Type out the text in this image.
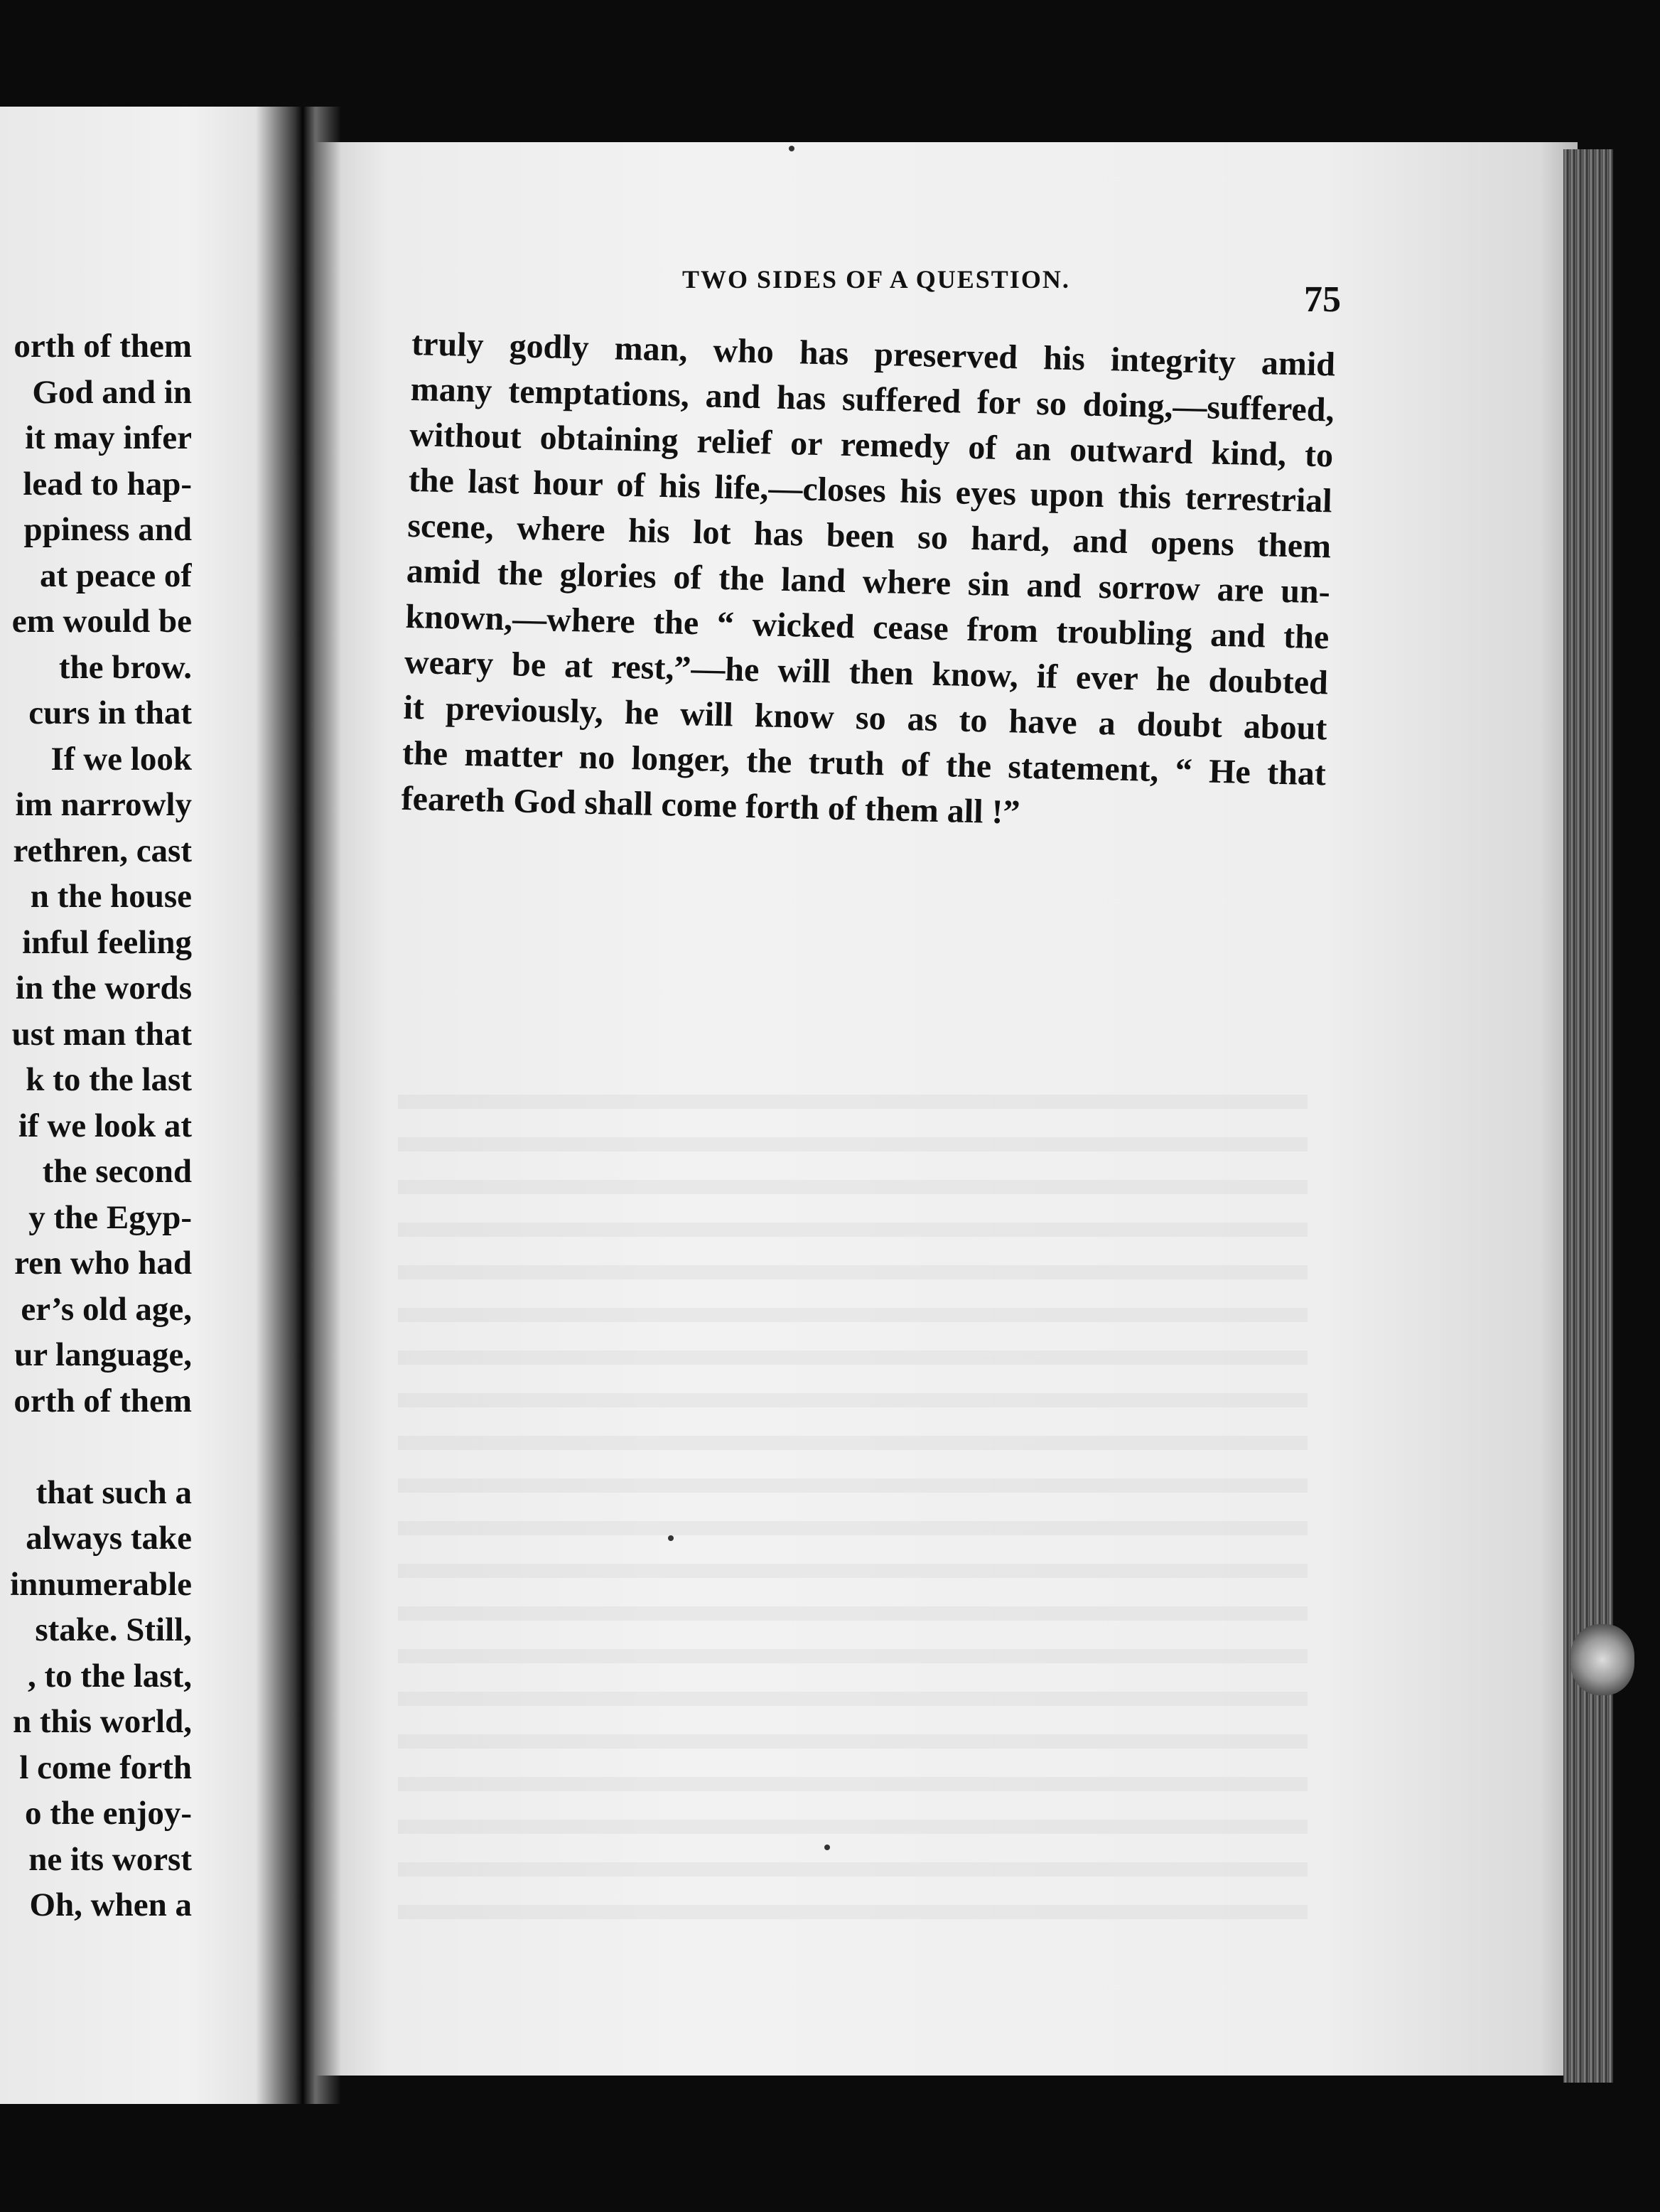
orth of them
God and in
it may infer
lead to hap-
ppiness and
at peace of
em would be
the brow.
curs in that
If we look
im narrowly
rethren, cast
n the house
inful feeling
in the words
ust man that
k to the last
if we look at
the second
y the Egyp-
ren who had
er’s old age,
ur language,
orth of them

that such a
always take
innumerable
stake. Still,
, to the last,
n this world,
l come forth
o the enjoy-
ne its worst
Oh, when a
TWO SIDES OF A QUESTION.	75
truly godly man, who has preserved his integrity amid
many temptations, and has suffered for so doing,—suffered,
without obtaining relief or remedy of an outward kind, to
the last hour of his life,—closes his eyes upon this terrestrial
scene, where his lot has been so hard, and opens them
amid the glories of the land where sin and sorrow are un-
known,—where the “ wicked cease from troubling and the
weary be at rest,”—he will then know, if ever he doubted
it previously, he will know so as to have a doubt about
the matter no longer, the truth of the statement, “ He that
feareth God shall come forth of them all !”
